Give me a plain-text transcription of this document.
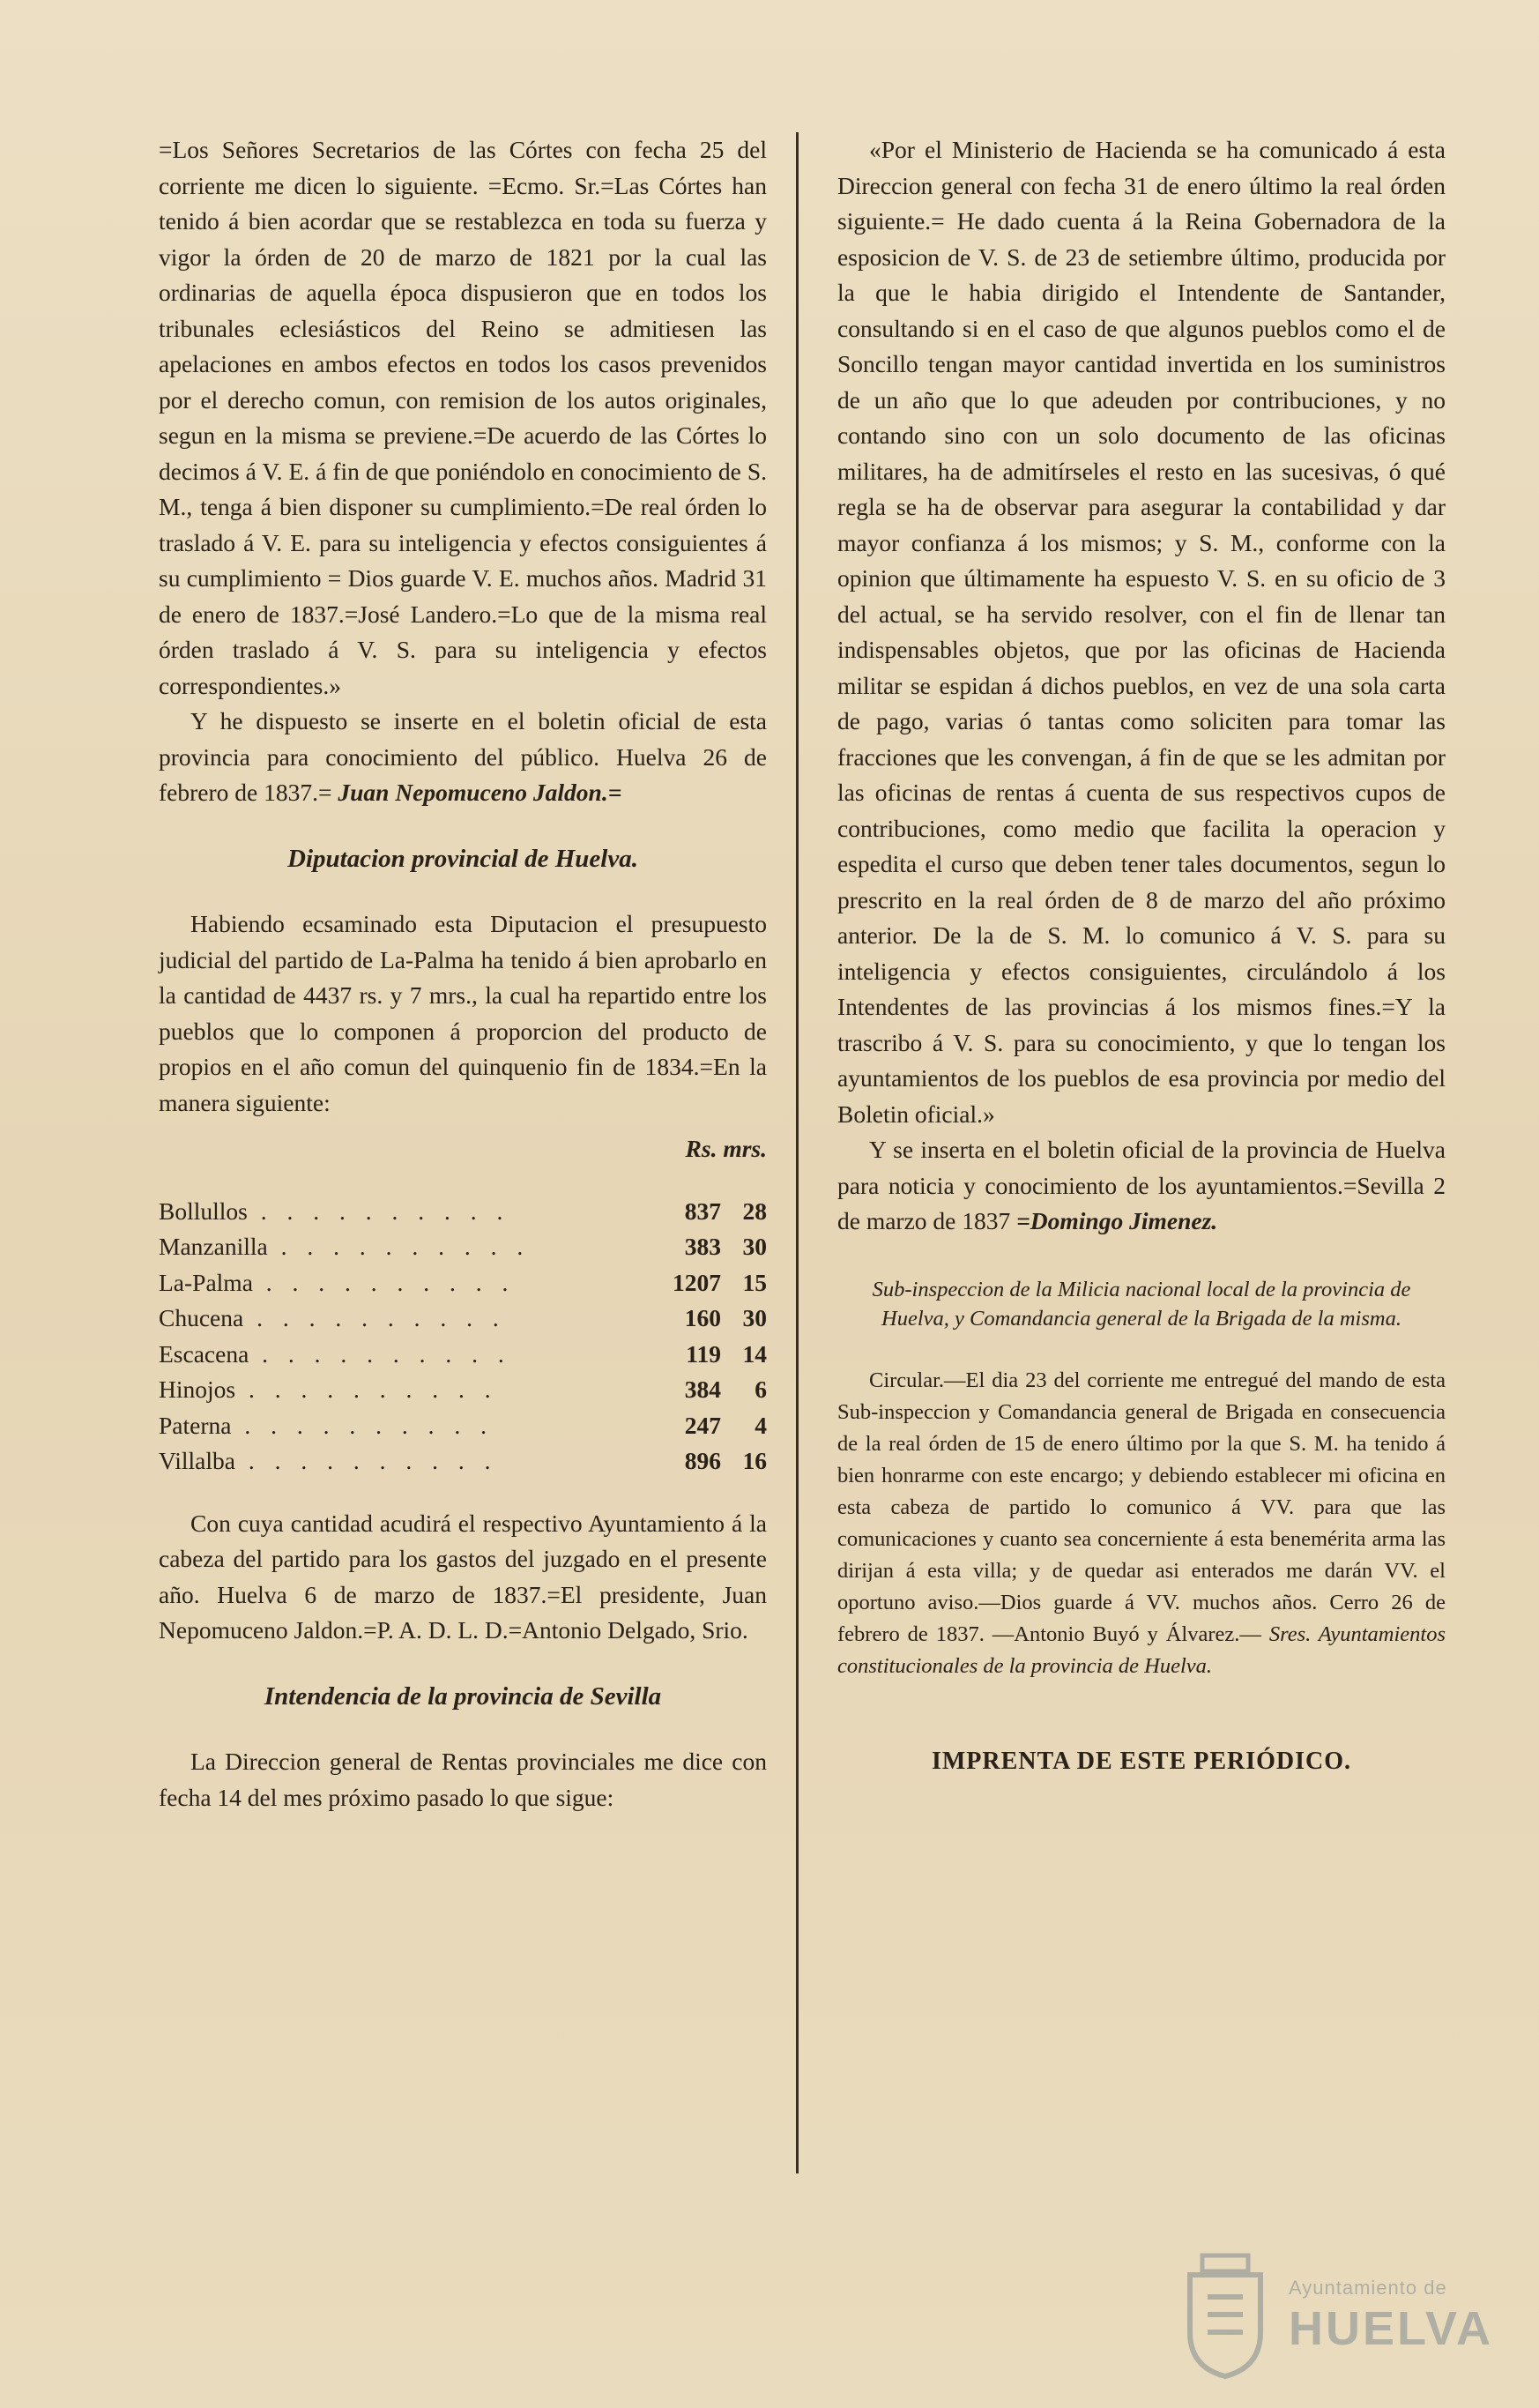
=Los Señores Secretarios de las Córtes con fecha 25 del corriente me dicen lo siguiente. =Ecmo. Sr.=Las Córtes han tenido á bien acordar que se restablezca en toda su fuerza y vigor la órden de 20 de marzo de 1821 por la cual las ordinarias de aquella época dispusieron que en todos los tribunales eclesiásticos del Reino se admitiesen las apelaciones en ambos efectos en todos los casos prevenidos por el derecho comun, con remision de los autos originales, segun en la misma se previene.=De acuerdo de las Córtes lo decimos á V. E. á fin de que poniéndolo en conocimiento de S. M., tenga á bien disponer su cumplimiento.=De real órden lo traslado á V. E. para su inteligencia y efectos consiguientes á su cumplimiento = Dios guarde V. E. muchos años. Madrid 31 de enero de 1837.=José Landero.=Lo que de la misma real órden traslado á V. S. para su inteligencia y efectos correspondientes.»

Y he dispuesto se inserte en el boletin oficial de esta provincia para conocimiento del público. Huelva 26 de febrero de 1837.= Juan Nepomuceno Jaldon.=

Diputacion provincial de Huelva.

Habiendo ecsaminado esta Diputacion el presupuesto judicial del partido de La-Palma ha tenido á bien aprobarlo en la cantidad de 4437 rs. y 7 mrs., la cual ha repartido entre los pueblos que lo componen á proporcion del producto de propios en el año comun del quinquenio fin de 1834.=En la manera siguiente:

Rs. mrs.

Bollullos . . . . . . . . . .	837	28
Manzanilla . . . . . . . . . .	383	30
La-Palma . . . . . . . . . .	1207	15
Chucena . . . . . . . . . .	160	30
Escacena . . . . . . . . . .	119	14
Hinojos . . . . . . . . . .	384	6
Paterna . . . . . . . . . .	247	4
Villalba . . . . . . . . . .	896	16

Con cuya cantidad acudirá el respectivo Ayuntamiento á la cabeza del partido para los gastos del juzgado en el presente año. Huelva 6 de marzo de 1837.=El presidente, Juan Nepomuceno Jaldon.=P. A. D. L. D.=Antonio Delgado, Srio.

Intendencia de la provincia de Sevilla

La Direccion general de Rentas provinciales me dice con fecha 14 del mes próximo pasado lo que sigue:

«Por el Ministerio de Hacienda se ha comunicado á esta Direccion general con fecha 31 de enero último la real órden siguiente.= He dado cuenta á la Reina Gobernadora de la esposicion de V. S. de 23 de setiembre último, producida por la que le habia dirigido el Intendente de Santander, consultando si en el caso de que algunos pueblos como el de Soncillo tengan mayor cantidad invertida en los suministros de un año que lo que adeuden por contribuciones, y no contando sino con un solo documento de las oficinas militares, ha de admitírseles el resto en las sucesivas, ó qué regla se ha de observar para asegurar la contabilidad y dar mayor confianza á los mismos; y S. M., conforme con la opinion que últimamente ha espuesto V. S. en su oficio de 3 del actual, se ha servido resolver, con el fin de llenar tan indispensables objetos, que por las oficinas de Hacienda militar se espidan á dichos pueblos, en vez de una sola carta de pago, varias ó tantas como soliciten para tomar las fracciones que les convengan, á fin de que se les admitan por las oficinas de rentas á cuenta de sus respectivos cupos de contribuciones, como medio que facilita la operacion y espedita el curso que deben tener tales documentos, segun lo prescrito en la real órden de 8 de marzo del año próximo anterior. De la de S. M. lo comunico á V. S. para su inteligencia y efectos consiguientes, circulándolo á los Intendentes de las provincias á los mismos fines.=Y la trascribo á V. S. para su conocimiento, y que lo tengan los ayuntamientos de los pueblos de esa provincia por medio del Boletin oficial.»

Y se inserta en el boletin oficial de la provincia de Huelva para noticia y conocimiento de los ayuntamientos.=Sevilla 2 de marzo de 1837 =Domingo Jimenez.

Sub-inspeccion de la Milicia nacional local de la provincia de Huelva, y Comandancia general de la Brigada de la misma.

Circular.—El dia 23 del corriente me entregué del mando de esta Sub-inspeccion y Comandancia general de Brigada en consecuencia de la real órden de 15 de enero último por la que S. M. ha tenido á bien honrarme con este encargo; y debiendo establecer mi oficina en esta cabeza de partido lo comunico á VV. para que las comunicaciones y cuanto sea concerniente á esta benemérita arma las dirijan á esta villa; y de quedar asi enterados me darán VV. el oportuno aviso.—Dios guarde á VV. muchos años. Cerro 26 de febrero de 1837. —Antonio Buyó y Álvarez.— Sres. Ayuntamientos constitucionales de la provincia de Huelva.

IMPRENTA DE ESTE PERIÓDICO.

Ayuntamiento de
HUELVA
